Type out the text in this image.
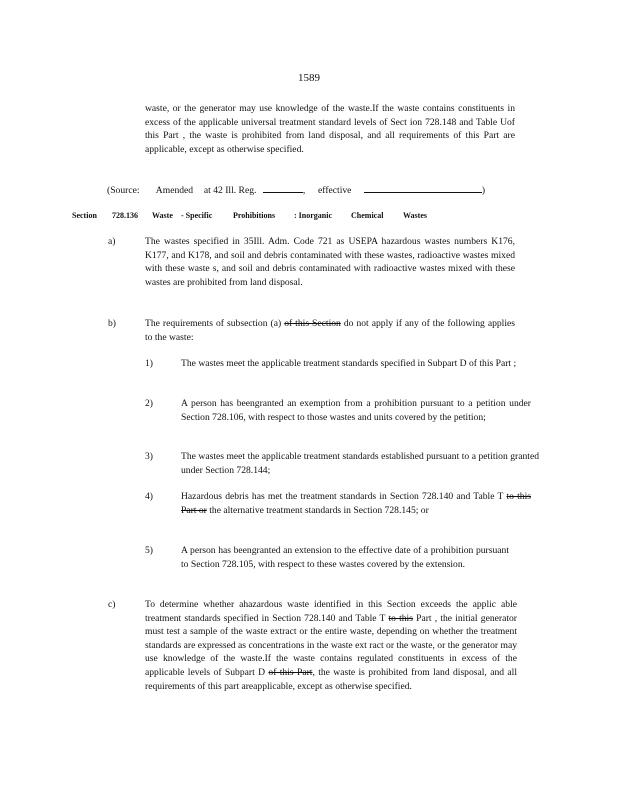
1589
waste, or the generator may use knowledge of the waste.If the waste contains constituents in excess of the applicable universal treatment standard levels of Sect ion 728.148 and Table Uof this Part , the waste is prohibited from land disposal, and all requirements of this Part are applicable, except as otherwise specified.
(Source: Amended at 42 Ill. Reg.	, effective	)
Section 728.136 Waste - Specific	Prohibitions : Inorganic Chemical Wastes
a)	The wastes specified in 35Ill. Adm. Code 721 as USEPA hazardous wastes numbers K176, K177, and K178, and soil and debris contaminated with these wastes, radioactive wastes mixed with these waste s, and soil and debris contaminated with radioactive wastes mixed with these wastes are prohibited from land disposal.
b)	The requirements of subsection (a) of this Section do not apply if any of the following applies to the waste:
1)	The wastes meet the applicable treatment standards specified in Subpart D of this Part ;
2)	A person has beengranted an exemption from a prohibition pursuant to a petition under Section 728.106, with respect to those wastes and units covered by the petition;
3)	The wastes meet the applicable treatment standards established pursuant to a petition granted under Section 728.144;
4)	Hazardous debris has met the treatment standards in Section 728.140 and Table T to this Part or the alternative treatment standards in Section 728.145; or
5)	A person has beengranted an extension to the effective date of a prohibition pursuant to Section 728.105, with respect to these wastes covered by the extension.
c)	To determine whether ahazardous waste identified in this Section exceeds the applic able treatment standards specified in Section 728.140 and Table T to this Part , the initial generator must test a sample of the waste extract or the entire waste, depending on whether the treatment standards are expressed as concentrations in the waste ext ract or the waste, or the generator may use knowledge of the waste.If the waste contains regulated constituents in excess of the applicable levels of Subpart D of this Part, the waste is prohibited from land disposal, and all requirements of this part areapplicable, except as otherwise specified.
